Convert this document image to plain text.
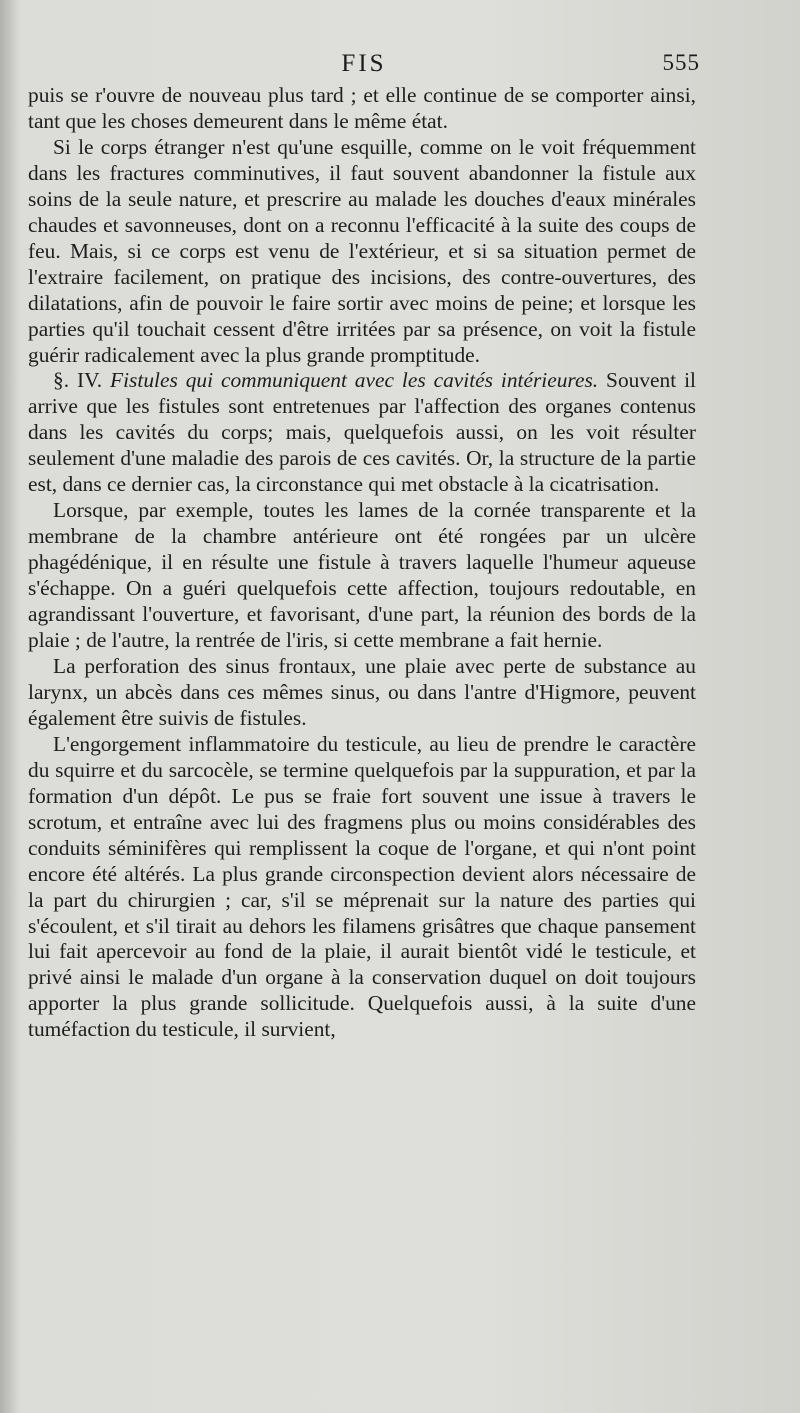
FIS	555

puis se r'ouvre de nouveau plus tard ; et elle continue de se comporter ainsi, tant que les choses demeurent dans le même état.

Si le corps étranger n'est qu'une esquille, comme on le voit fréquemment dans les fractures comminutives, il faut souvent abandonner la fistule aux soins de la seule nature, et prescrire au malade les douches d'eaux minérales chaudes et savonneuses, dont on a reconnu l'efficacité à la suite des coups de feu. Mais, si ce corps est venu de l'extérieur, et si sa situation permet de l'extraire facilement, on pratique des incisions, des contre-ouvertures, des dilatations, afin de pouvoir le faire sortir avec moins de peine; et lorsque les parties qu'il touchait cessent d'être irritées par sa présence, on voit la fistule guérir radicalement avec la plus grande promptitude.

§. IV. Fistules qui communiquent avec les cavités intérieures. Souvent il arrive que les fistules sont entretenues par l'affection des organes contenus dans les cavités du corps; mais, quelquefois aussi, on les voit résulter seulement d'une maladie des parois de ces cavités. Or, la structure de la partie est, dans ce dernier cas, la circonstance qui met obstacle à la cicatrisation.

Lorsque, par exemple, toutes les lames de la cornée transparente et la membrane de la chambre antérieure ont été rongées par un ulcère phagédénique, il en résulte une fistule à travers laquelle l'humeur aqueuse s'échappe. On a guéri quelquefois cette affection, toujours redoutable, en agrandissant l'ouverture, et favorisant, d'une part, la réunion des bords de la plaie ; de l'autre, la rentrée de l'iris, si cette membrane a fait hernie.

La perforation des sinus frontaux, une plaie avec perte de substance au larynx, un abcès dans ces mêmes sinus, ou dans l'antre d'Higmore, peuvent également être suivis de fistules.

L'engorgement inflammatoire du testicule, au lieu de prendre le caractère du squirre et du sarcocèle, se termine quelquefois par la suppuration, et par la formation d'un dépôt. Le pus se fraie fort souvent une issue à travers le scrotum, et entraîne avec lui des fragmens plus ou moins considérables des conduits séminifères qui remplissent la coque de l'organe, et qui n'ont point encore été altérés. La plus grande circonspection devient alors nécessaire de la part du chirurgien ; car, s'il se méprenait sur la nature des parties qui s'écoulent, et s'il tirait au dehors les filamens grisâtres que chaque pansement lui fait apercevoir au fond de la plaie, il aurait bientôt vidé le testicule, et privé ainsi le malade d'un organe à la conservation duquel on doit toujours apporter la plus grande sollicitude. Quelquefois aussi, à la suite d'une tuméfaction du testicule, il survient,
